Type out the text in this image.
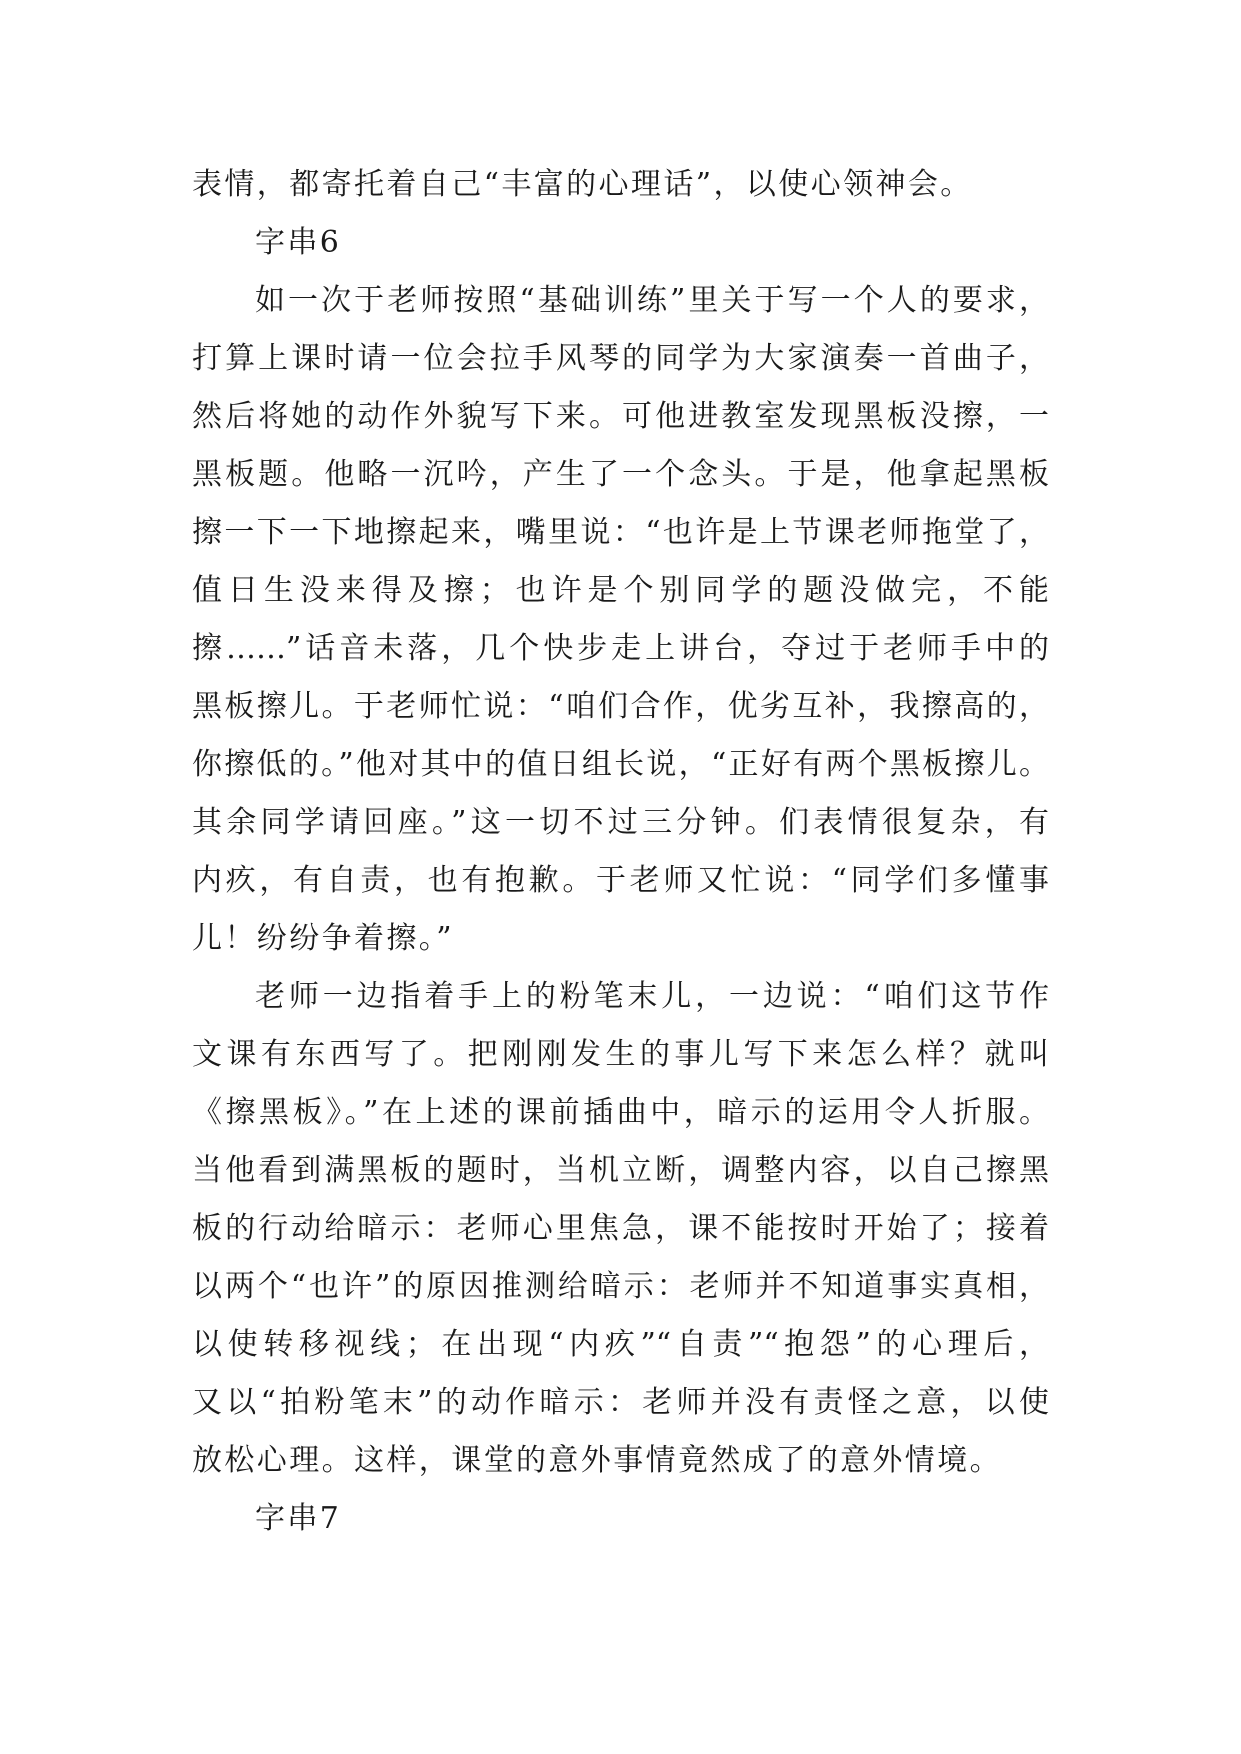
表情，都寄托着自己“丰富的心理话”，以使心领神会。
字串6
如一次于老师按照“基础训练”里关于写一个人的要求，
打算上课时请一位会拉手风琴的同学为大家演奏一首曲子，
然后将她的动作外貌写下来。可他进教室发现黑板没擦，一
黑板题。他略一沉吟，产生了一个念头。于是，他拿起黑板
擦一下一下地擦起来，嘴里说：“也许是上节课老师拖堂了，
值日生没来得及擦；也许是个别同学的题没做完，不能
擦……”话音未落，几个快步走上讲台，夺过于老师手中的
黑板擦儿。于老师忙说：“咱们合作，优劣互补，我擦高的，
你擦低的。”他对其中的值日组长说，“正好有两个黑板擦儿。
其余同学请回座。”这一切不过三分钟。们表情很复杂，有
内疚，有自责，也有抱歉。于老师又忙说：“同学们多懂事
儿！纷纷争着擦。”
老师一边指着手上的粉笔末儿，一边说：“咱们这节作
文课有东西写了。把刚刚发生的事儿写下来怎么样？就叫
《擦黑板》。”在上述的课前插曲中，暗示的运用令人折服。
当他看到满黑板的题时，当机立断，调整内容，以自己擦黑
板的行动给暗示：老师心里焦急，课不能按时开始了；接着
以两个“也许”的原因推测给暗示：老师并不知道事实真相，
以使转移视线；在出现“内疚”“自责”“抱怨”的心理后，
又以“拍粉笔末”的动作暗示：老师并没有责怪之意，以使
放松心理。这样，课堂的意外事情竟然成了的意外情境。
字串7
